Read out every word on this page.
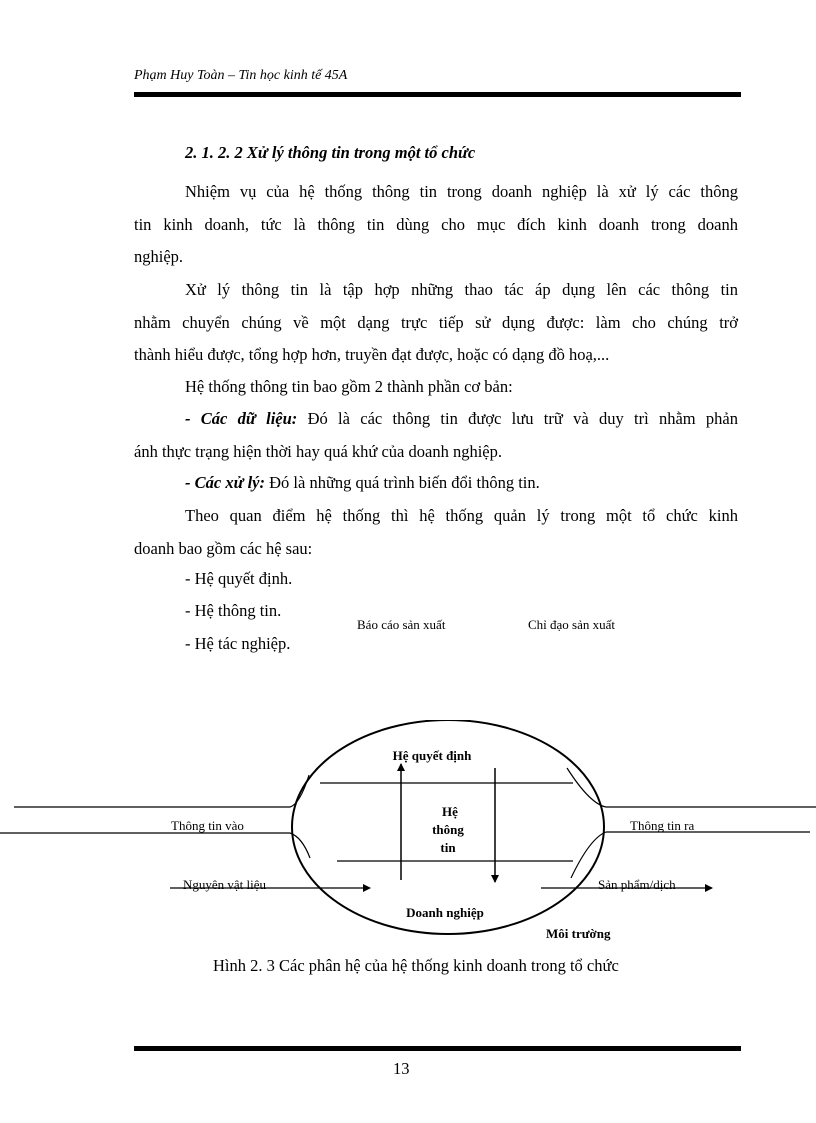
Phạm Huy Toàn – Tin học kinh tế 45A
2. 1. 2. 2 Xử lý thông tin trong một tổ chức
Nhiệm vụ của hệ thống thông tin trong doanh nghiệp là xử lý các thông
tin kinh doanh, tức là thông tin dùng cho mục đích kinh doanh trong doanh
nghiệp.
Xử lý thông tin là tập hợp những thao tác áp dụng lên các thông tin
nhằm chuyển chúng về một dạng trực tiếp sử dụng được: làm cho chúng trở
thành hiểu được, tổng hợp hơn, truyền đạt được, hoặc có dạng đồ hoạ,...
Hệ thống thông tin bao gồm 2 thành phần cơ bản:
- Các dữ liệu: Đó là các thông tin được lưu trữ và duy trì nhằm phản
ánh thực trạng hiện thời hay quá khứ của doanh nghiệp.
- Các xử lý: Đó là những quá trình biến đổi thông tin.
Theo quan điểm hệ thống thì hệ thống quản lý trong một tổ chức kinh
doanh bao gồm các hệ sau:
- Hệ quyết định.
- Hệ thông tin.
- Hệ tác nghiệp.
Báo cáo sản xuất	Chỉ đạo sản xuất
Hệ quyết định
Hệ
thông
tin
Doanh nghiệp
Thông tin vào	Thông tin ra
Nguyên vật liệu	Sản phẩm/dịch
Môi trường
Hình 2. 3 Các phân hệ của hệ thống kinh doanh trong tổ chức
13
